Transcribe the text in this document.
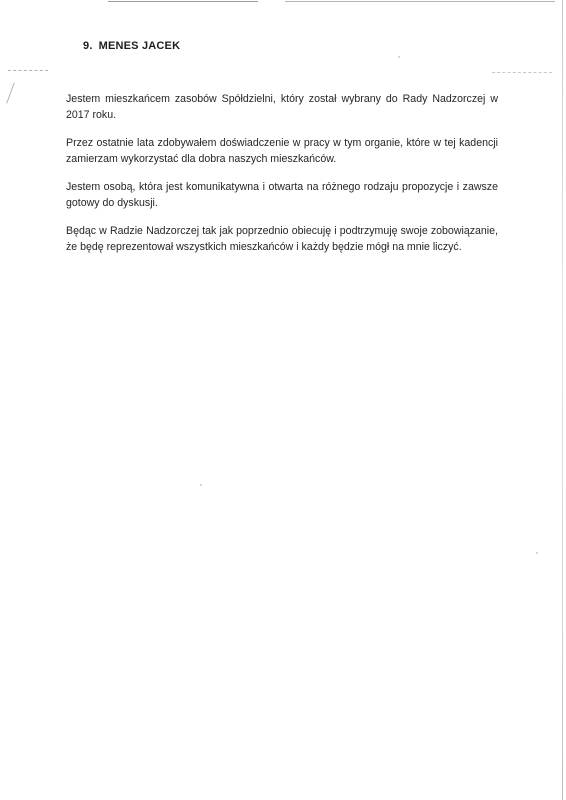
9. MENES JACEK

Jestem mieszkańcem zasobów Spółdzielni, który został wybrany do Rady Nadzorczej w 2017 roku.

Przez ostatnie lata zdobywałem doświadczenie w pracy w tym organie, które w tej kadencji zamierzam wykorzystać dla dobra naszych mieszkańców.

Jestem osobą, która jest komunikatywna i otwarta na różnego rodzaju propozycje i zawsze gotowy do dyskusji.

Będąc w Radzie Nadzorczej tak jak poprzednio obiecuję i podtrzymuję swoje zobowiązanie, że będę reprezentował wszystkich mieszkańców i każdy będzie mógł na mnie liczyć.
